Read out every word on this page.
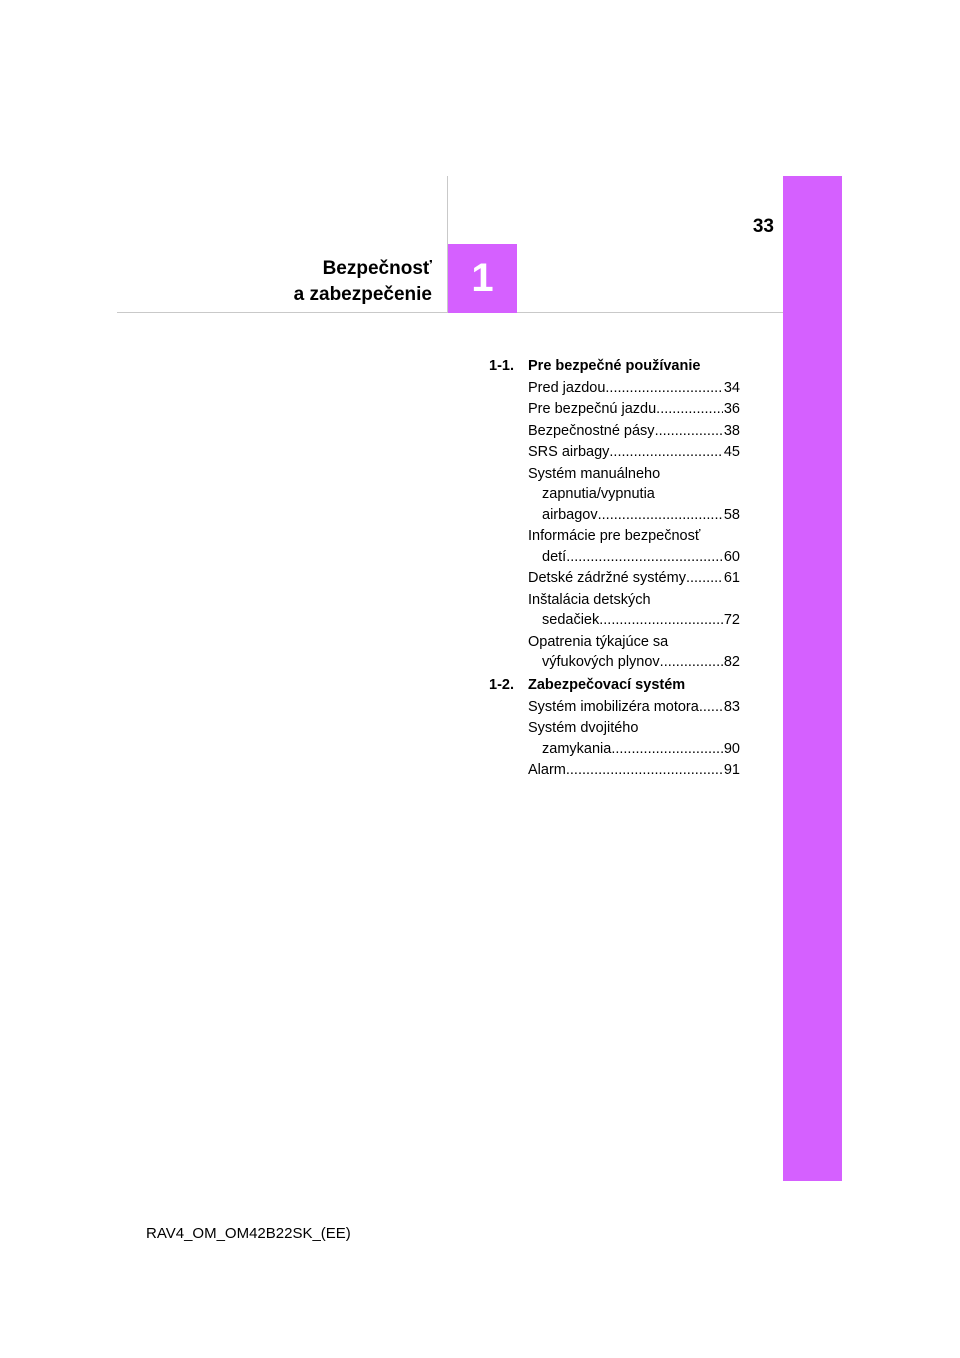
1
33
Bezpečnosť
a zabezpečenie
1-1. Pre bezpečné používanie
Pred jazdou .....	34
Pre bezpečnú jazdu .....	36
Bezpečnostné pásy .....	38
SRS airbagy .....	45
Systém manuálneho
zapnutia/vypnutia
airbagov .....	58
Informácie pre bezpečnosť
detí .....	60
Detské zádržné systémy .....	61
Inštalácia detských
sedačiek .....	72
Opatrenia týkajúce sa
výfukových plynov .....	82
1-2. Zabezpečovací systém
Systém imobilizéra motora ..... 83
Systém dvojitého
zamykania .....	90
Alarm .....	91
RAV4_OM_OM42B22SK_(EE)
